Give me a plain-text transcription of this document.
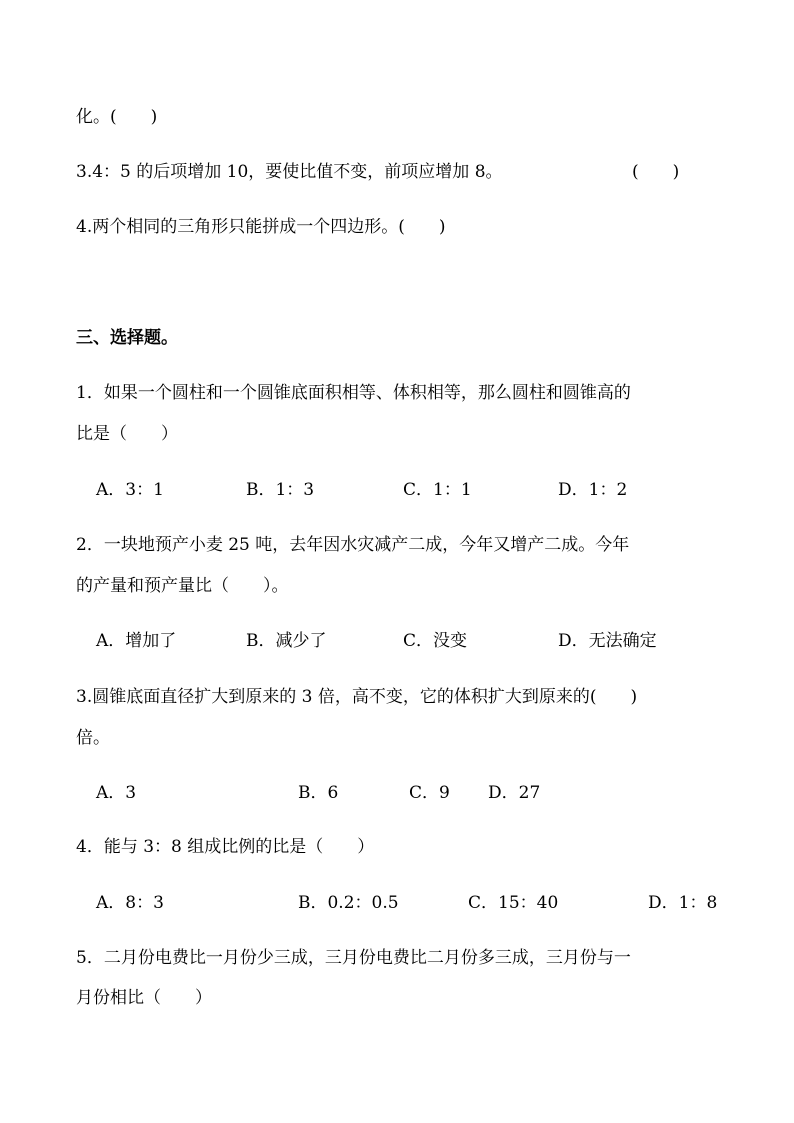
化。(　　)

3.4：5 的后项增加 10，要使比值不变，前项应增加 8。	(　　)

4.两个相同的三角形只能拼成一个四边形。(　　)

三、选择题。

1．如果一个圆柱和一个圆锥底面积相等、体积相等，那么圆柱和圆锥高的

比是（　　）

A．3：1	B．1：3	C．1：1	D．1：2

2．一块地预产小麦 25 吨，去年因水灾减产二成，今年又增产二成。今年

的产量和预产量比（　　）。

A．增加了	B．减少了	C．没变	D．无法确定

3.圆锥底面直径扩大到原来的 3 倍，高不变，它的体积扩大到原来的(　　)

倍。

A．3	B．6	C．9 D．27

4．能与 3：8 组成比例的比是（　　）

A．8：3	B．0.2：0.5	C．15：40	D．1：8

5．二月份电费比一月份少三成，三月份电费比二月份多三成，三月份与一

月份相比（　　）
